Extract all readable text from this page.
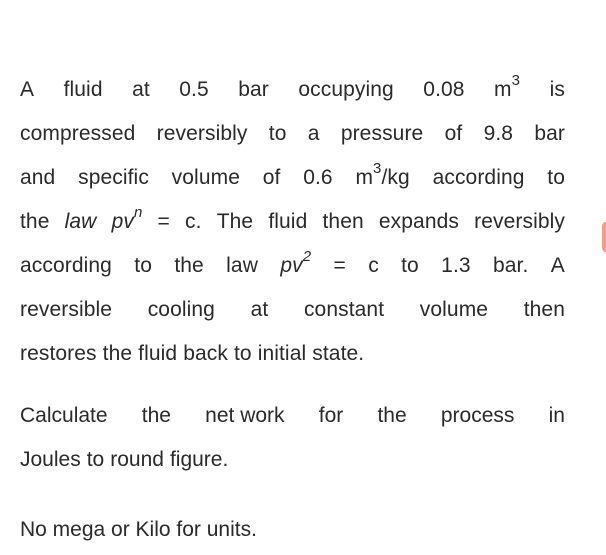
A fluid at 0.5 bar occupying 0.08 $m^3$ is
compressed reversibly to a pressure of 9.8 bar
and specific volume of 0.6 $m^3/kg$ according to
the law $pv^n = c$. The fluid then expands reversibly
according to the law $pv^2 = c$ to 1.3 bar. A
reversible cooling at constant volume then
restores the fluid back to initial state.
Calculate the net work for the process in
Joules to round figure.
No mega or Kilo for units.
